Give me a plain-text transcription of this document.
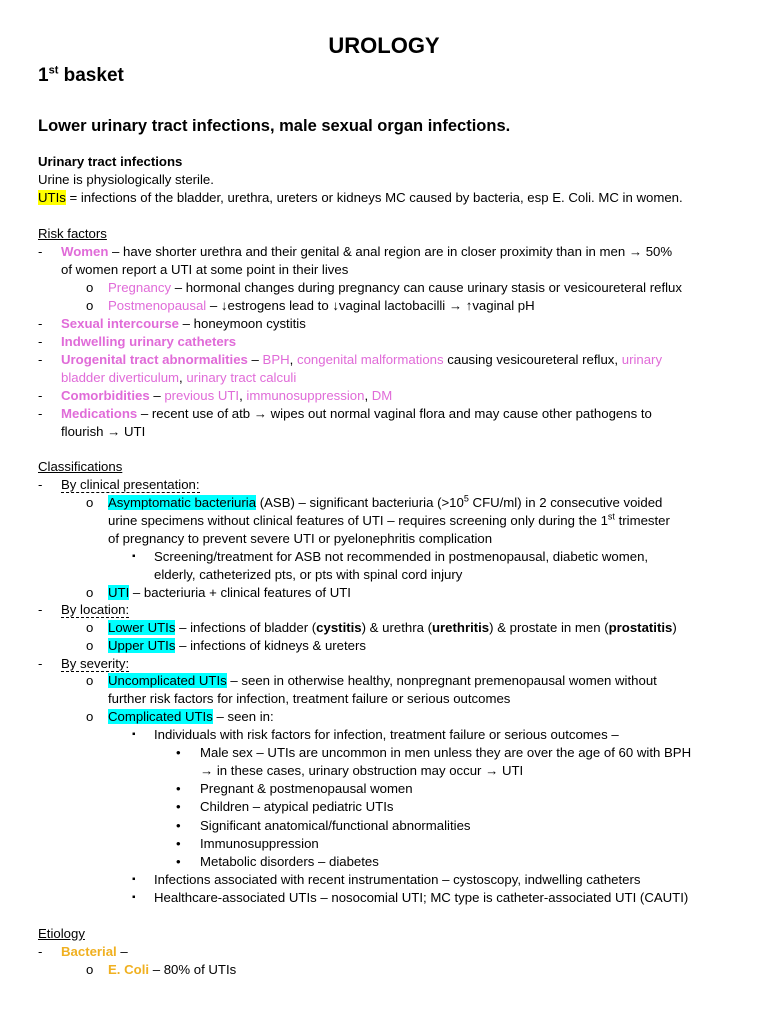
UROLOGY
1st basket
Lower urinary tract infections, male sexual organ infections.
Urinary tract infections
Urine is physiologically sterile.
UTIs = infections of the bladder, urethra, ureters or kidneys MC caused by bacteria, esp E. Coli. MC in women.
Risk factors
- Women – have shorter urethra and their genital & anal region are in closer proximity than in men → 50%
of women report a UTI at some point in their lives
o Pregnancy – hormonal changes during pregnancy can cause urinary stasis or vesicoureteral reflux
o Postmenopausal – ↓estrogens lead to ↓vaginal lactobacilli → ↑vaginal pH
- Sexual intercourse – honeymoon cystitis
- Indwelling urinary catheters
- Urogenital tract abnormalities – BPH, congenital malformations causing vesicoureteral reflux, urinary
bladder diverticulum, urinary tract calculi
- Comorbidities – previous UTI, immunosuppression, DM
- Medications – recent use of atb → wipes out normal vaginal flora and may cause other pathogens to
flourish → UTI
Classifications
- By clinical presentation:
o Asymptomatic bacteriuria (ASB) – significant bacteriuria ($>10^5$ CFU/ml) in 2 consecutive voided
urine specimens without clinical features of UTI – requires screening only during the 1st trimester
of pregnancy to prevent severe UTI or pyelonephritis complication
▪ Screening/treatment for ASB not recommended in postmenopausal, diabetic women,
elderly, catheterized pts, or pts with spinal cord injury
o UTI – bacteriuria + clinical features of UTI
- By location:
o Lower UTIs – infections of bladder (cystitis) & urethra (urethritis) & prostate in men (prostatitis)
o Upper UTIs – infections of kidneys & ureters
- By severity:
o Uncomplicated UTIs – seen in otherwise healthy, nonpregnant premenopausal women without
further risk factors for infection, treatment failure or serious outcomes
o Complicated UTIs – seen in:
▪ Individuals with risk factors for infection, treatment failure or serious outcomes –
• Male sex – UTIs are uncommon in men unless they are over the age of 60 with BPH
→ in these cases, urinary obstruction may occur → UTI
• Pregnant & postmenopausal women
• Children – atypical pediatric UTIs
• Significant anatomical/functional abnormalities
• Immunosuppression
• Metabolic disorders – diabetes
▪ Infections associated with recent instrumentation – cystoscopy, indwelling catheters
▪ Healthcare-associated UTIs – nosocomial UTI; MC type is catheter-associated UTI (CAUTI)
Etiology
- Bacterial –
o E. Coli – 80% of UTIs
